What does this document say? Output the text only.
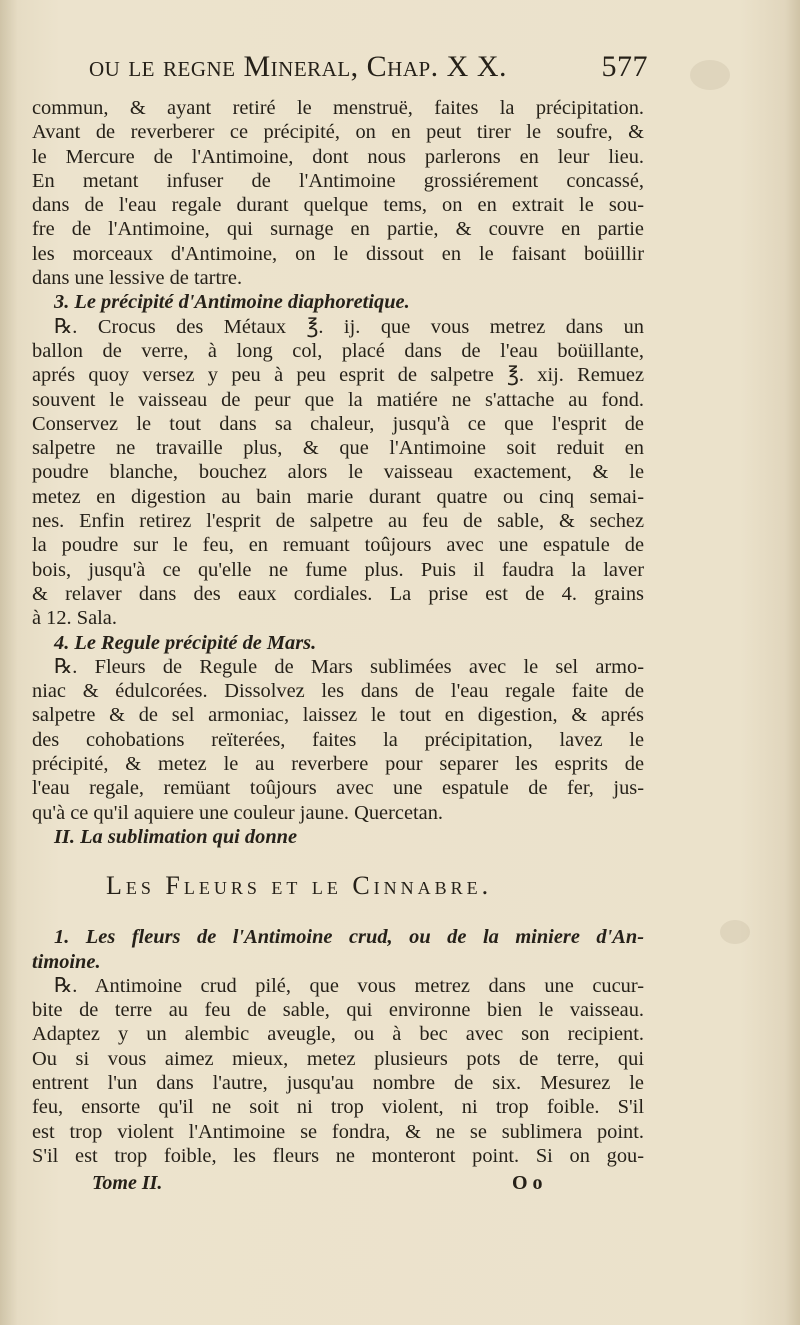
ou le regne Mineral, Chap. X X.	577
commun, & ayant retiré le menstruë, faites la précipitation.
Avant de reverberer ce précipité, on en peut tirer le soufre, &
le Mercure de l'Antimoine, dont nous parlerons en leur lieu.
En metant infuser de l'Antimoine grossiérement concassé,
dans de l'eau regale durant quelque tems, on en extrait le sou-
fre de l'Antimoine, qui surnage en partie, & couvre en partie
les morceaux d'Antimoine, on le dissout en le faisant boüillir
dans une lessive de tartre.
3. Le précipité d'Antimoine diaphoretique.
℞. Crocus des Métaux ℥. ij. que vous metrez dans un
ballon de verre, à long col, placé dans de l'eau boüillante,
aprés quoy versez y peu à peu esprit de salpetre ℥. xij. Remuez
souvent le vaisseau de peur que la matiére ne s'attache au fond.
Conservez le tout dans sa chaleur, jusqu'à ce que l'esprit de
salpetre ne travaille plus, & que l'Antimoine soit reduit en
poudre blanche, bouchez alors le vaisseau exactement, & le
metez en digestion au bain marie durant quatre ou cinq semai-
nes. Enfin retirez l'esprit de salpetre au feu de sable, & sechez
la poudre sur le feu, en remuant toûjours avec une espatule de
bois, jusqu'à ce qu'elle ne fume plus. Puis il faudra la laver
& relaver dans des eaux cordiales. La prise est de 4. grains
à 12. Sala.
4. Le Regule précipité de Mars.
℞. Fleurs de Regule de Mars sublimées avec le sel armo-
niac & édulcorées. Dissolvez les dans de l'eau regale faite de
salpetre & de sel armoniac, laissez le tout en digestion, & aprés
des cohobations reïterées, faites la précipitation, lavez le
précipité, & metez le au reverbere pour separer les esprits de
l'eau regale, remüant toûjours avec une espatule de fer, jus-
qu'à ce qu'il aquiere une couleur jaune. Quercetan.
II. La sublimation qui donne
Les Fleurs et le Cinnabre.
1. Les fleurs de l'Antimoine crud, ou de la miniere d'An-
timoine.
℞. Antimoine crud pilé, que vous metrez dans une cucur-
bite de terre au feu de sable, qui environne bien le vaisseau.
Adaptez y un alembic aveugle, ou à bec avec son recipient.
Ou si vous aimez mieux, metez plusieurs pots de terre, qui
entrent l'un dans l'autre, jusqu'au nombre de six. Mesurez le
feu, ensorte qu'il ne soit ni trop violent, ni trop foible. S'il
est trop violent l'Antimoine se fondra, & ne se sublimera point.
S'il est trop foible, les fleurs ne monteront point. Si on gou-
Tome II.	O o
